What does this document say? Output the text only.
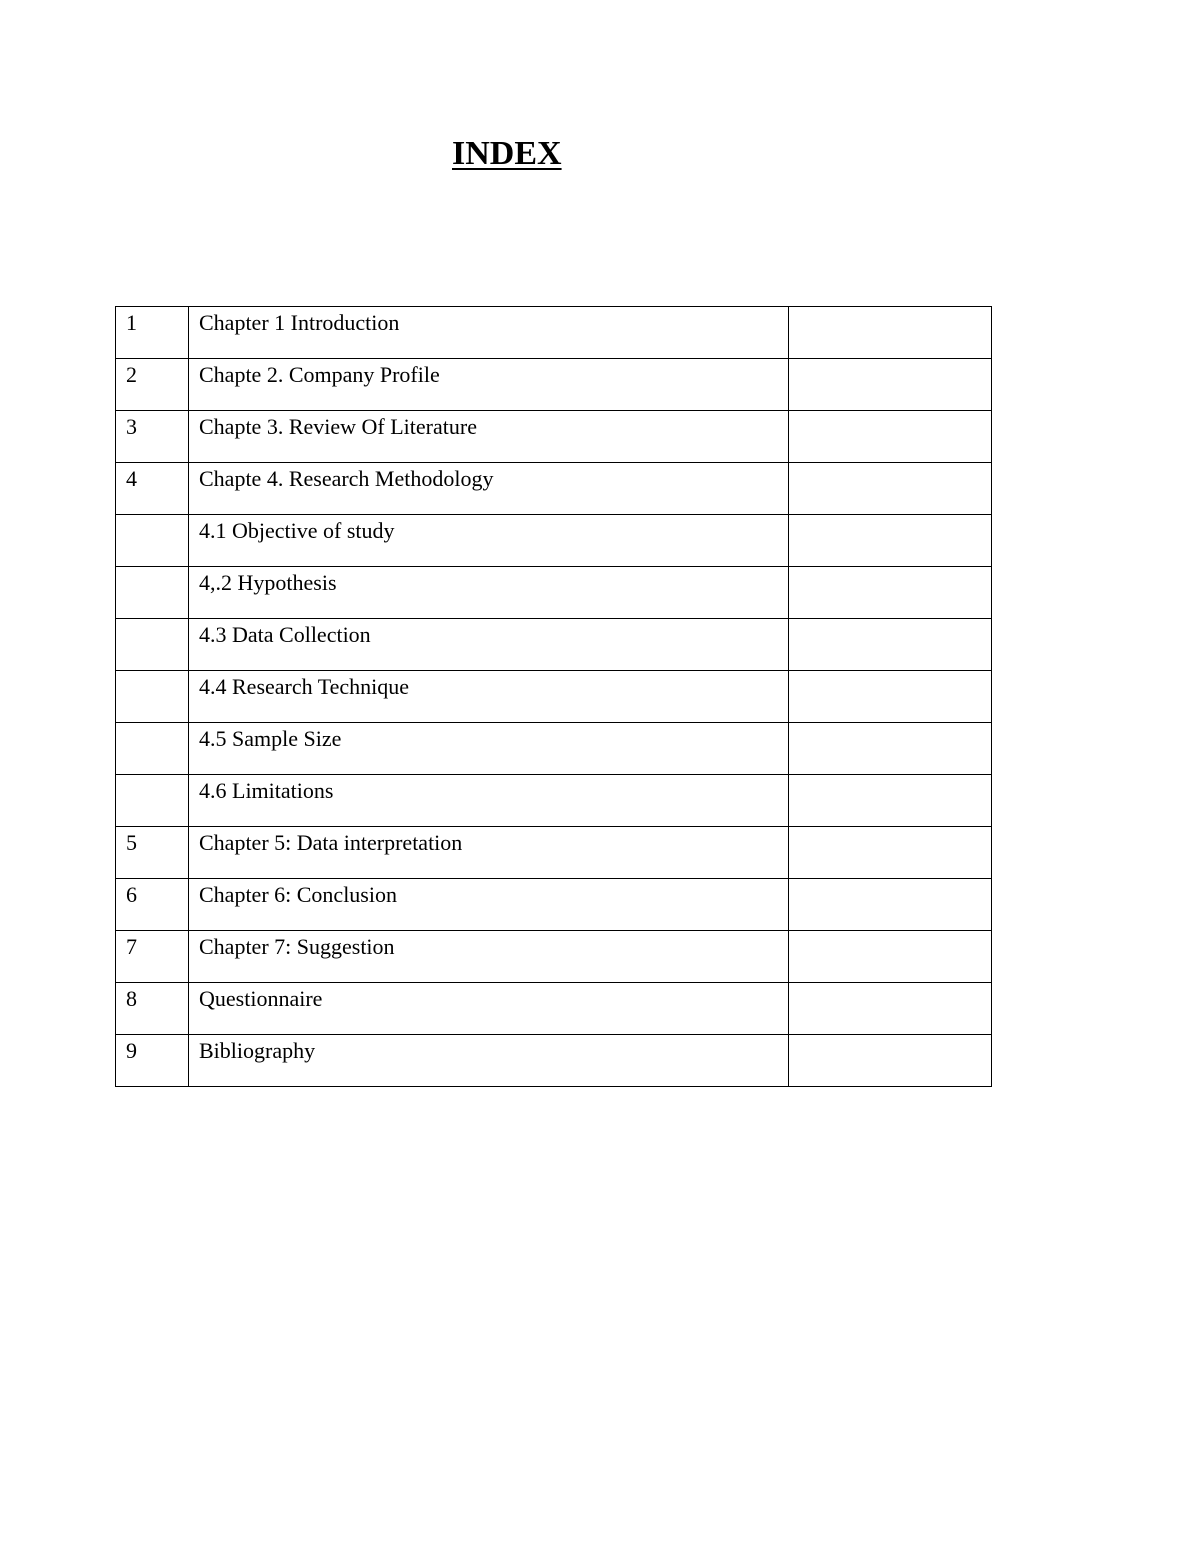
INDEX
1	Chapter 1 Introduction	
2	Chapte 2. Company Profile	
3	Chapte 3. Review Of Literature	
4	Chapte 4. Research Methodology	
	4.1 Objective of study	
	4,.2 Hypothesis	
	4.3 Data Collection	
	4.4 Research Technique	
	4.5 Sample Size	
	4.6 Limitations	
5	Chapter 5: Data interpretation	
6	Chapter 6: Conclusion	
7	Chapter 7: Suggestion	
8	Questionnaire	
9	Bibliography	
